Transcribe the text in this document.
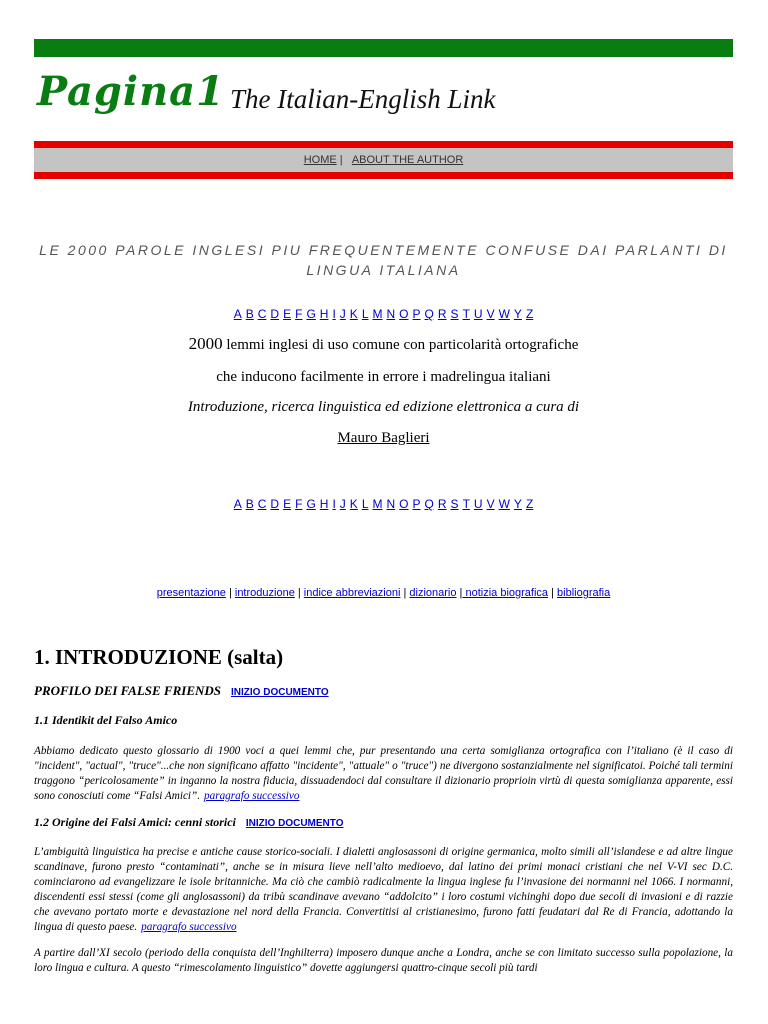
Pagina1 The Italian-English Link
HOME |   ABOUT THE AUTHOR
LE 2000 PAROLE INGLESI PIU FREQUENTEMENTE CONFUSE DAI PARLANTI DI LINGUA ITALIANA
A B C D E F G H I J K L M N O P Q R S T U V W Y Z
2000 lemmi inglesi di uso comune con particolarità ortografiche
che inducono facilmente in errore i madrelingua italiani
Introduzione, ricerca linguistica ed edizione elettronica a cura di
Mauro Baglieri
A B C D E F G H I J K L M N O P Q R S T U V W Y Z
presentazione | introduzione | indice abbreviazioni | dizionario | notizia biografica | bibliografia
1. INTRODUZIONE (salta)
PROFILO DEI FALSE FRIENDS INIZIO DOCUMENTO
1.1 Identikit del Falso Amico
Abbiamo dedicato questo glossario di 1900 voci a quei lemmi che, pur presentando una certa somiglianza ortografica con l’italiano (è il caso di "incident", "actual", "truce"...che non significano affatto "incidente", "attuale" o "truce") ne divergono sostanzialmente nel significatoi. Poiché tali termini traggono “pericolosamente” in inganno la nostra fiducia, dissuadendoci dal consultare il dizionario proprioin virtù di questa somiglianza apparente, essi sono conosciuti come “Falsi Amici”. paragrafo successivo
1.2 Origine dei Falsi Amici: cenni storici INIZIO DOCUMENTO
L’ambiguità linguistica ha precise e antiche cause storico-sociali. I dialetti anglosassoni di origine germanica, molto simili all’islandese e ad altre lingue scandinave, furono presto “contaminati”, anche se in misura lieve nell’alto medioevo, dal latino dei primi monaci cristiani che nel V-VI sec D.C. cominciarono ad evangelizzare le isole britanniche. Ma ciò che cambiò radicalmente la lingua inglese fu l’invasione dei normanni nel 1066. I normanni, discendenti essi stessi (come gli anglosassoni) da tribù scandinave avevano “addolcito” i loro costumi vichinghi dopo due secoli di invasioni e di razzie che avevano portato morte e devastazione nel nord della Francia. Convertitisi al cristianesimo, furono fatti feudatari dal Re di Francia, adottando la lingua di questo paese. paragrafo successivo
A partire dall’XI secolo (periodo della conquista dell’Inghilterra) imposero dunque anche a Londra, anche se con limitato successo sulla popolazione, la loro lingua e cultura. A questo “rimescolamento linguistico” dovette aggiungersi quattro-cinque secoli più tardi
